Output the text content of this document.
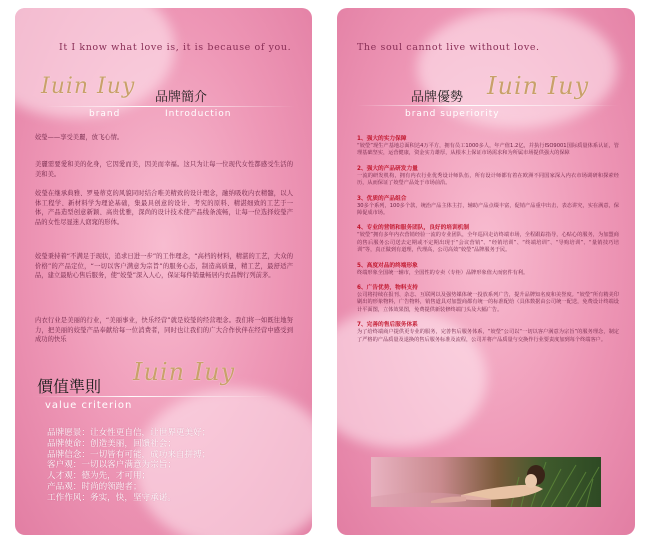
It I know what love is, it is because of you.
Iuin Iuy 品牌簡介
brand	Introduction
姣瑩——享受美麗，放飞心情。
美麗需要愛和美的化身，它因愛而美，因美而幸福。这只为让每一位现代女性都感受生活的美和美。
姣瑩在继承典雅、罗曼蒂克的风貌同时结合唯美精致的设计理念，融纳吸收内衣精髓，以人体工程学、新材料学为理论基础，集最具创意的设计、考究的原料、精湛细致的工艺于一体，产品造型创意新颖、高贵优雅，深尚的设计技术使产品线条流畅，让每一位选择姣瑩产品的女性尽显迷人窈窕的形体。
姣瑩秉持着“不满足于现状，追求日进一步”的工作理念，“高档的材料，精湛的工艺，大众的价格”的产品定位，“一切以客户满意为宗旨”的服务心态，制造高质量，精工艺，最舒适产品，建立最贴心售后服务，使“姣瑩”深入人心，保证每件销量畅居内衣品牌行列前茅。
内衣行业是美丽的行业，“美丽事业，快乐经营”就是姣瑩的经营理念。我们将一如既往地努力，把美丽的姣瑩产品奉献给每一位消费者，同时也让我们的广大合作伙伴在经营中感受到成功的快乐
價值準則
Iuin Iuy
value criterion
品牌愿景：让女性更自信，让世界更美好；
品牌使命：创造美丽，回馈社会；
品牌信念：一切皆有可能，成功来自拼搏；
客户观：一切以客户满意为宗旨；
人才观：德为先，才可用；
产品观：时尚的领跑者；
工作作风：务实，快，坚守承诺。
The soul cannot live without love.
品牌優勢 Iuin Iuy
brand superiority
1、强大的实力保障
“姣瑩”现生产基地总面积达4万平方，拥有员工1000多人，年产值1.2亿，并执行ISO9001国际质量体系认证，管理基础坚实，运营健康，资金实力雄厚，从根本上保证市场需求和为所属市场提供强大的保障
2、强大的产品研发力量
一流的研发机构，拥有内衣行业优秀设计师队伍，所有设计师都有着在欧洲不同国家深入内衣市场调研和探索经历，从而保证了姣瑩产品处于市场前沿。
3、优质的产品组合
30多个系列，100多个款，统治产品主体主打，辅助产品点缀丰富，促销产品重中出击，表态讲究，实在满意，保障促成市场。
4、专业的营销和服务团队，良好的培训机制
“姣瑩”拥有多年内衣营销经验一流的专业团队，全年巡回走访终端市场，全程跟踪指导，心贴心的服务，为加盟商的售后服务公司送去定期或不定期出现于“会议营销”、“经销培训”、“终端培训”、“导购培训”、“量销技巧培训”等，真正做到有道理，代理高，公司高效“姣瑩”品牌服务于民。
5、高度对品的终端形象
终端形象全国统一辅市，全国性的专卖（专柜）品牌形象值大而密件有利。
6、广告优势，物料支持
公司将持续在报刊、杂志、互联网以及强势媒体统一投放系列广告，提升品牌知名度和美誉度。“姣瑩”所有精美印刷出的形象物料，广告物料，销售道具对加盟商都有统一的标准配给（具体数据由公司统一配送，免费设计终端设计平面图，立体效果图，免费提供新装修终端门头及大幅广告。
7、完善的售后服务体系
为了给终端商户提供更专业的服务，完善售后服务体系，“姣瑩”公司以“一切以客户满意为宗旨”的服务理念，制定了严格的产品质量及退换的售后服务标准及流程，公司并将产品质量与交换作行业要责度加到每个终端客户。
